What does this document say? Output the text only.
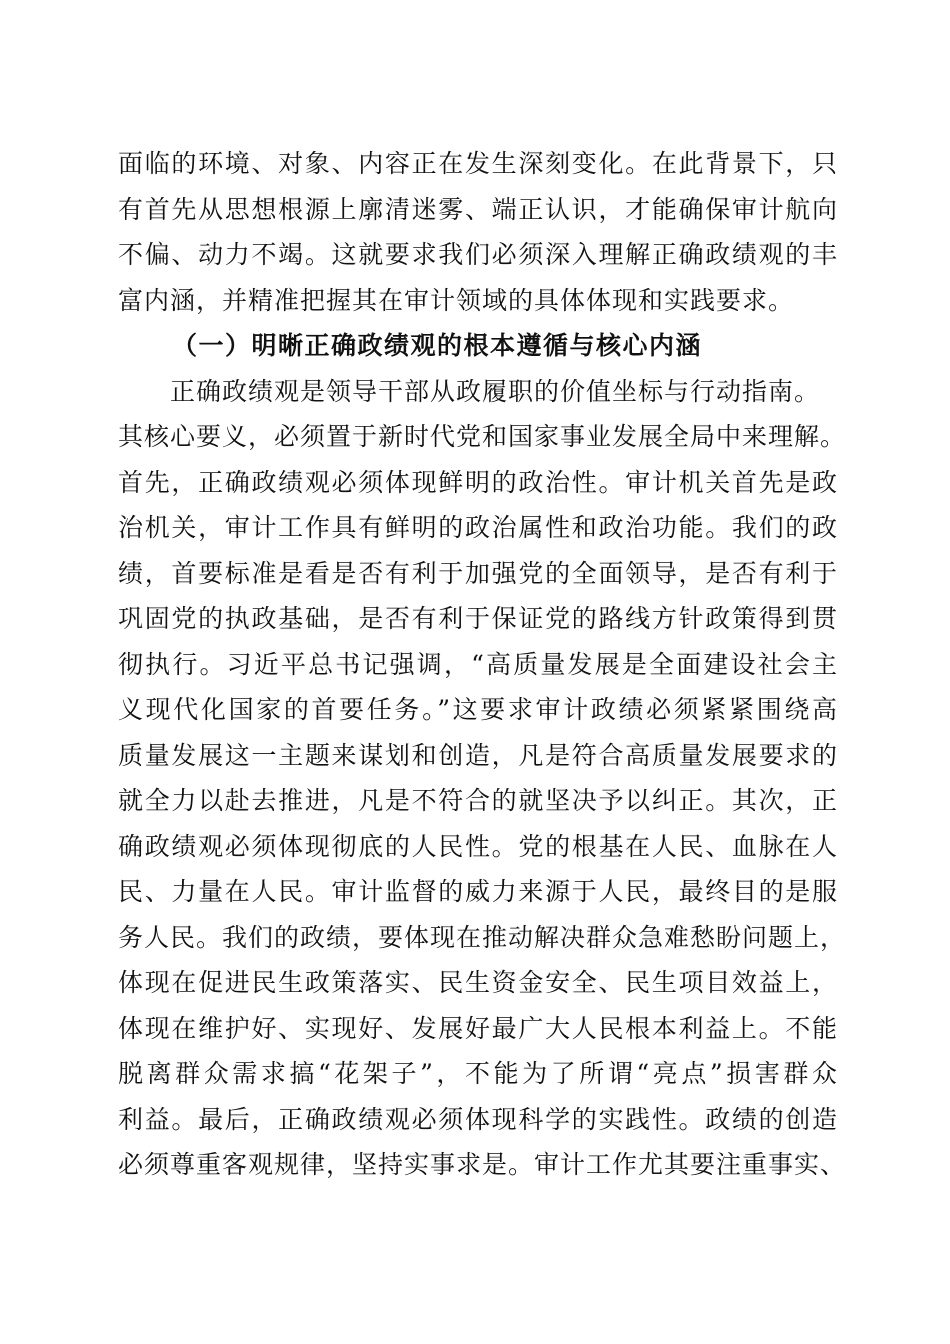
面临的环境、对象、内容正在发生深刻变化。在此背景下，只
有首先从思想根源上廓清迷雾、端正认识，才能确保审计航向
不偏、动力不竭。这就要求我们必须深入理解正确政绩观的丰
富内涵，并精准把握其在审计领域的具体体现和实践要求。
（一）明晰正确政绩观的根本遵循与核心内涵
正确政绩观是领导干部从政履职的价值坐标与行动指南。
其核心要义，必须置于新时代党和国家事业发展全局中来理解。
首先，正确政绩观必须体现鲜明的政治性。审计机关首先是政
治机关，审计工作具有鲜明的政治属性和政治功能。我们的政
绩，首要标准是看是否有利于加强党的全面领导，是否有利于
巩固党的执政基础，是否有利于保证党的路线方针政策得到贯
彻执行。习近平总书记强调，“高质量发展是全面建设社会主
义现代化国家的首要任务。”这要求审计政绩必须紧紧围绕高
质量发展这一主题来谋划和创造，凡是符合高质量发展要求的
就全力以赴去推进，凡是不符合的就坚决予以纠正。其次，正
确政绩观必须体现彻底的人民性。党的根基在人民、血脉在人
民、力量在人民。审计监督的威力来源于人民，最终目的是服
务人民。我们的政绩，要体现在推动解决群众急难愁盼问题上，
体现在促进民生政策落实、民生资金安全、民生项目效益上，
体现在维护好、实现好、发展好最广大人民根本利益上。不能
脱离群众需求搞“花架子”，不能为了所谓“亮点”损害群众
利益。最后，正确政绩观必须体现科学的实践性。政绩的创造
必须尊重客观规律，坚持实事求是。审计工作尤其要注重事实、
